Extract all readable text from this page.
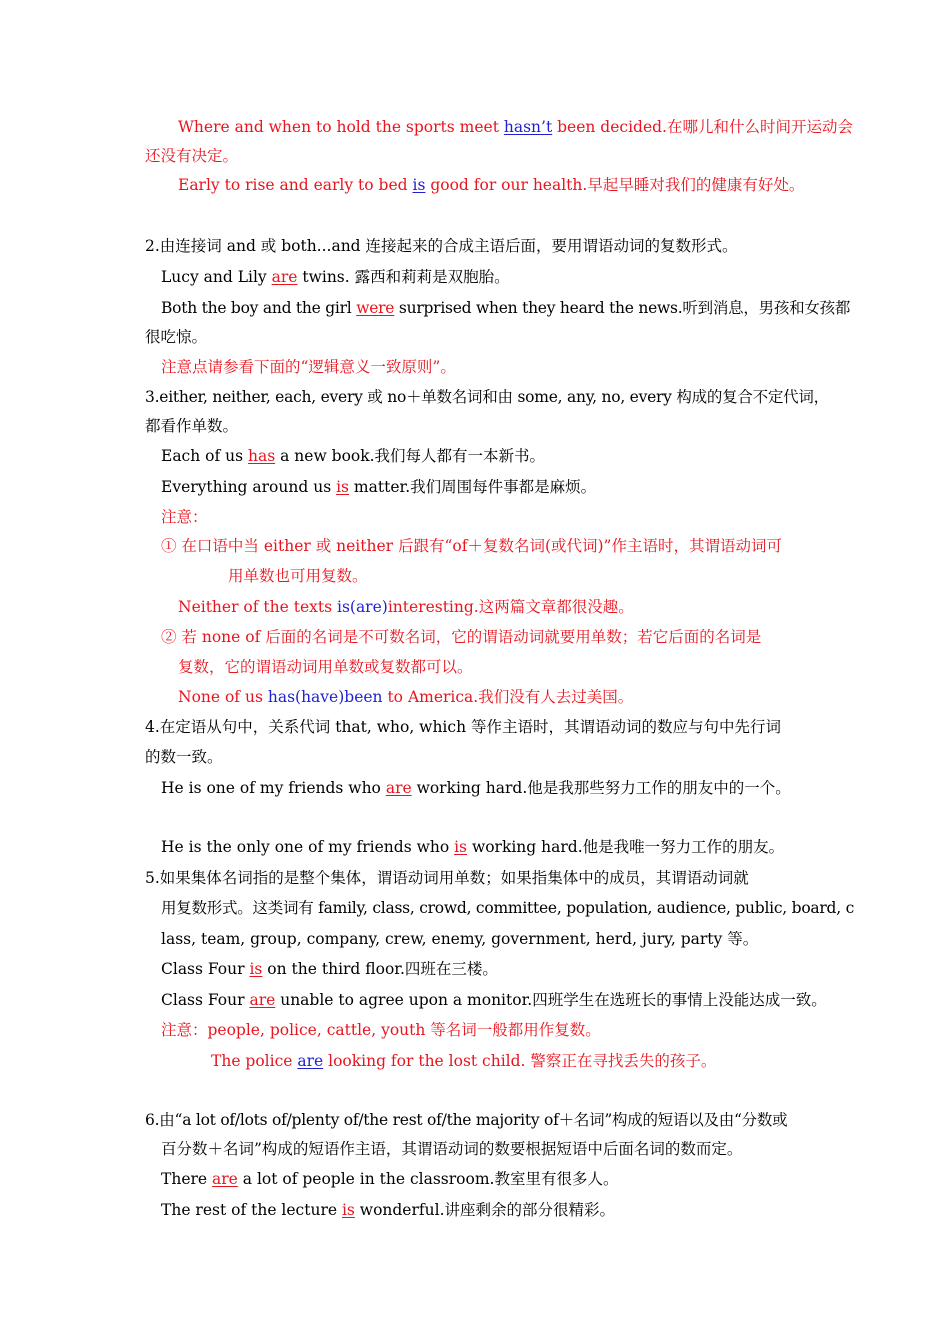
Where and when to hold the sports meet hasn’t been decided.在哪儿和什么时间开运动会
还没有决定。
Early to rise and early to bed is good for our health.早起早睡对我们的健康有好处。
2.由连接词 and 或 both...and 连接起来的合成主语后面，要用谓语动词的复数形式。
Lucy and Lily are twins. 露西和莉莉是双胞胎。
Both the boy and the girl were surprised when they heard the news.听到消息，男孩和女孩都
很吃惊。
注意点请参看下面的“逻辑意义一致原则”。
3.either, neither, each, every 或 no＋单数名词和由 some, any, no, every 构成的复合不定代词，
都看作单数。
Each of us has a new book.我们每人都有一本新书。
Everything around us is matter.我们周围每件事都是麻烦。
注意：
① 在口语中当 either 或 neither 后跟有“of＋复数名词(或代词)”作主语时，其谓语动词可
用单数也可用复数。
Neither of the texts is(are)interesting.这两篇文章都很没趣。
② 若 none of 后面的名词是不可数名词，它的谓语动词就要用单数；若它后面的名词是
复数，它的谓语动词用单数或复数都可以。
None of us has(have)been to America.我们没有人去过美国。
4.在定语从句中，关系代词 that, who, which 等作主语时，其谓语动词的数应与句中先行词
的数一致。
He is one of my friends who are working hard.他是我那些努力工作的朋友中的一个。
He is the only one of my friends who is working hard.他是我唯一努力工作的朋友。
5.如果集体名词指的是整个集体，谓语动词用单数；如果指集体中的成员，其谓语动词就
用复数形式。这类词有 family, class, crowd, committee, population, audience, public, board, c
lass, team, group, company, crew, enemy, government, herd, jury, party 等。
Class Four is on the third floor.四班在三楼。
Class Four are unable to agree upon a monitor.四班学生在选班长的事情上没能达成一致。
注意：people, police, cattle, youth 等名词一般都用作复数。
The police are looking for the lost child. 警察正在寻找丢失的孩子。
6.由“a lot of/lots of/plenty of/the rest of/the majority of＋名词”构成的短语以及由“分数或
百分数＋名词”构成的短语作主语，其谓语动词的数要根据短语中后面名词的数而定。
There are a lot of people in the classroom.教室里有很多人。
The rest of the lecture is wonderful.讲座剩余的部分很精彩。
